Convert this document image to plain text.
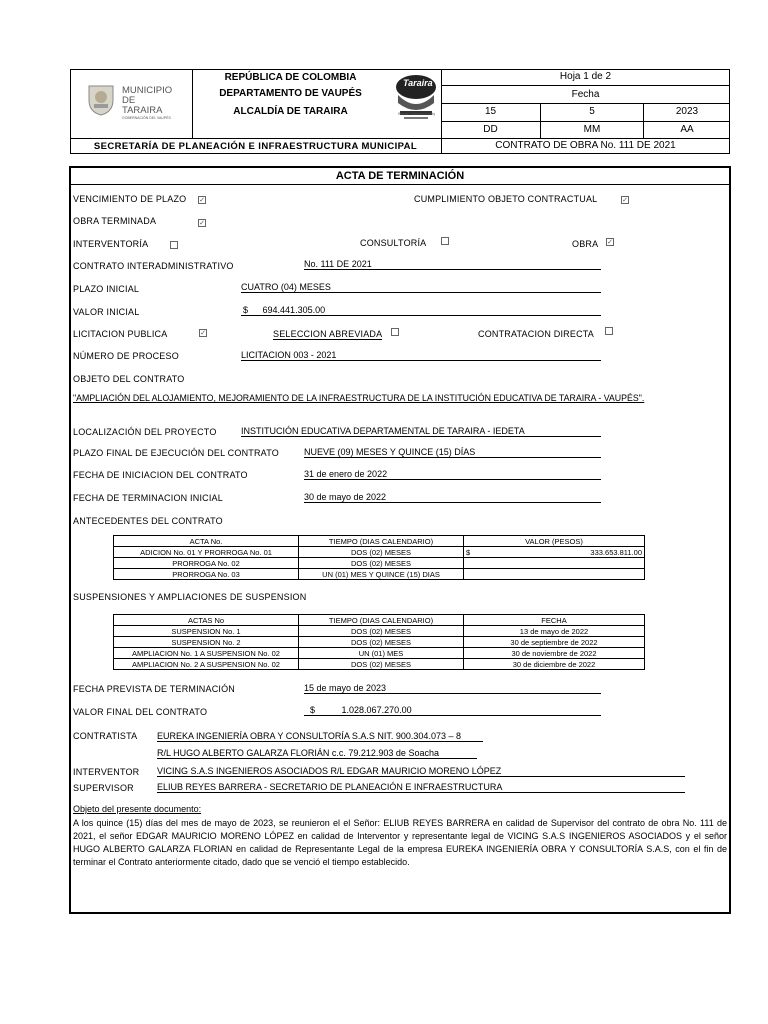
MUNICIPIO
DE
TARAIRA
GOBERNACIÓN DEL VAUPÉS
REPÚBLICA DE COLOMBIA
DEPARTAMENTO DE VAUPÉS
ALCALDÍA DE TARAIRA
Taraira
Wesser Cabrera Loredy
SECRETARÍA DE PLANEACIÓN E INFRAESTRUCTURA MUNICIPAL
Hoja 1 de 2
Fecha
15	5	2023
DD	MM	AA
CONTRATO DE OBRA No. 111 DE 2021
ACTA DE TERMINACIÓN
VENCIMIENTO DE PLAZO ✓	CUMPLIMIENTO OBJETO CONTRACTUAL	✓
OBRA TERMINADA	✓
INTERVENTORÍA	CONSULTORÍA	OBRA ✓
CONTRATO INTERADMINISTRATIVO	No. 111 DE 2021
PLAZO INICIAL	CUATRO (04) MESES
VALOR INICIAL	$ 694.441.305.00
LICITACION PUBLICA	✓	SELECCION ABREVIADA	CONTRATACION DIRECTA
NÚMERO DE PROCESO	LICITACION 003 - 2021
OBJETO DEL CONTRATO
"AMPLIACIÓN DEL ALOJAMIENTO, MEJORAMIENTO DE LA INFRAESTRUCTURA DE LA INSTITUCIÓN EDUCATIVA DE TARAIRA - VAUPÉS".
LOCALIZACIÓN DEL PROYECTO	INSTITUCIÓN EDUCATIVA DEPARTAMENTAL DE TARAIRA - IEDETA
PLAZO FINAL DE EJECUCIÓN DEL CONTRATO	NUEVE (09) MESES Y QUINCE (15) DÍAS
FECHA DE INICIACION DEL CONTRATO	31 de enero de 2022
FECHA DE TERMINACION INICIAL	30 de mayo de 2022
ANTECEDENTES DEL CONTRATO
ACTA No.	TIEMPO (DIAS CALENDARIO)	VALOR (PESOS)	
ADICION No. 01 Y PRORROGA No. 01	DOS (02) MESES	$	333.653.811.00
PRORROGA No. 02	DOS (02) MESES		
PRORROGA No. 03	UN (01) MES Y QUINCE (15) DIAS		
SUSPENSIONES Y AMPLIACIONES DE SUSPENSION
ACTAS No	TIEMPO (DIAS CALENDARIO)	FECHA
SUSPENSION No. 1	DOS (02) MESES	13 de mayo de 2022
SUSPENSION No. 2	DOS (02) MESES	30 de septiembre de 2022
AMPLIACION No. 1 A SUSPENSION No. 02	UN (01) MES	30 de noviembre de 2022
AMPLIACION No. 2 A SUSPENSION No. 02	DOS (02) MESES	30 de diciembre de 2022
FECHA PREVISTA DE TERMINACIÓN	15 de mayo de 2023
VALOR FINAL DEL CONTRATO	$	1.028.067.270.00
CONTRATISTA EUREKA INGENIERÍA OBRA Y CONSULTORÍA S.A.S NIT. 900.304.073 – 8
R/L HUGO ALBERTO GALARZA FLORIÁN c.c. 79.212.903 de Soacha
INTERVENTOR VICING S.A.S INGENIEROS ASOCIADOS R/L EDGAR MAURICIO MORENO LÓPEZ
SUPERVISOR	ELIUB REYES BARRERA - SECRETARIO DE PLANEACIÓN E INFRAESTRUCTURA
Objeto del presente documento:
A los quince (15) días del mes de mayo de 2023, se reunieron el el Señor: ELIUB REYES BARRERA en calidad de Supervisor del contrato de obra No. 111 de 2021, el señor EDGAR MAURICIO MORENO LÓPEZ en calidad de Interventor y representante legal de VICING S.A.S INGENIEROS ASOCIADOS y el señor HUGO ALBERTO GALARZA FLORIAN en calidad de Representante Legal de la empresa EUREKA INGENIERÍA OBRA Y CONSULTORÍA S.A.S, con el fin de terminar el Contrato anteriormente citado, dado que se venció el tiempo establecido.
